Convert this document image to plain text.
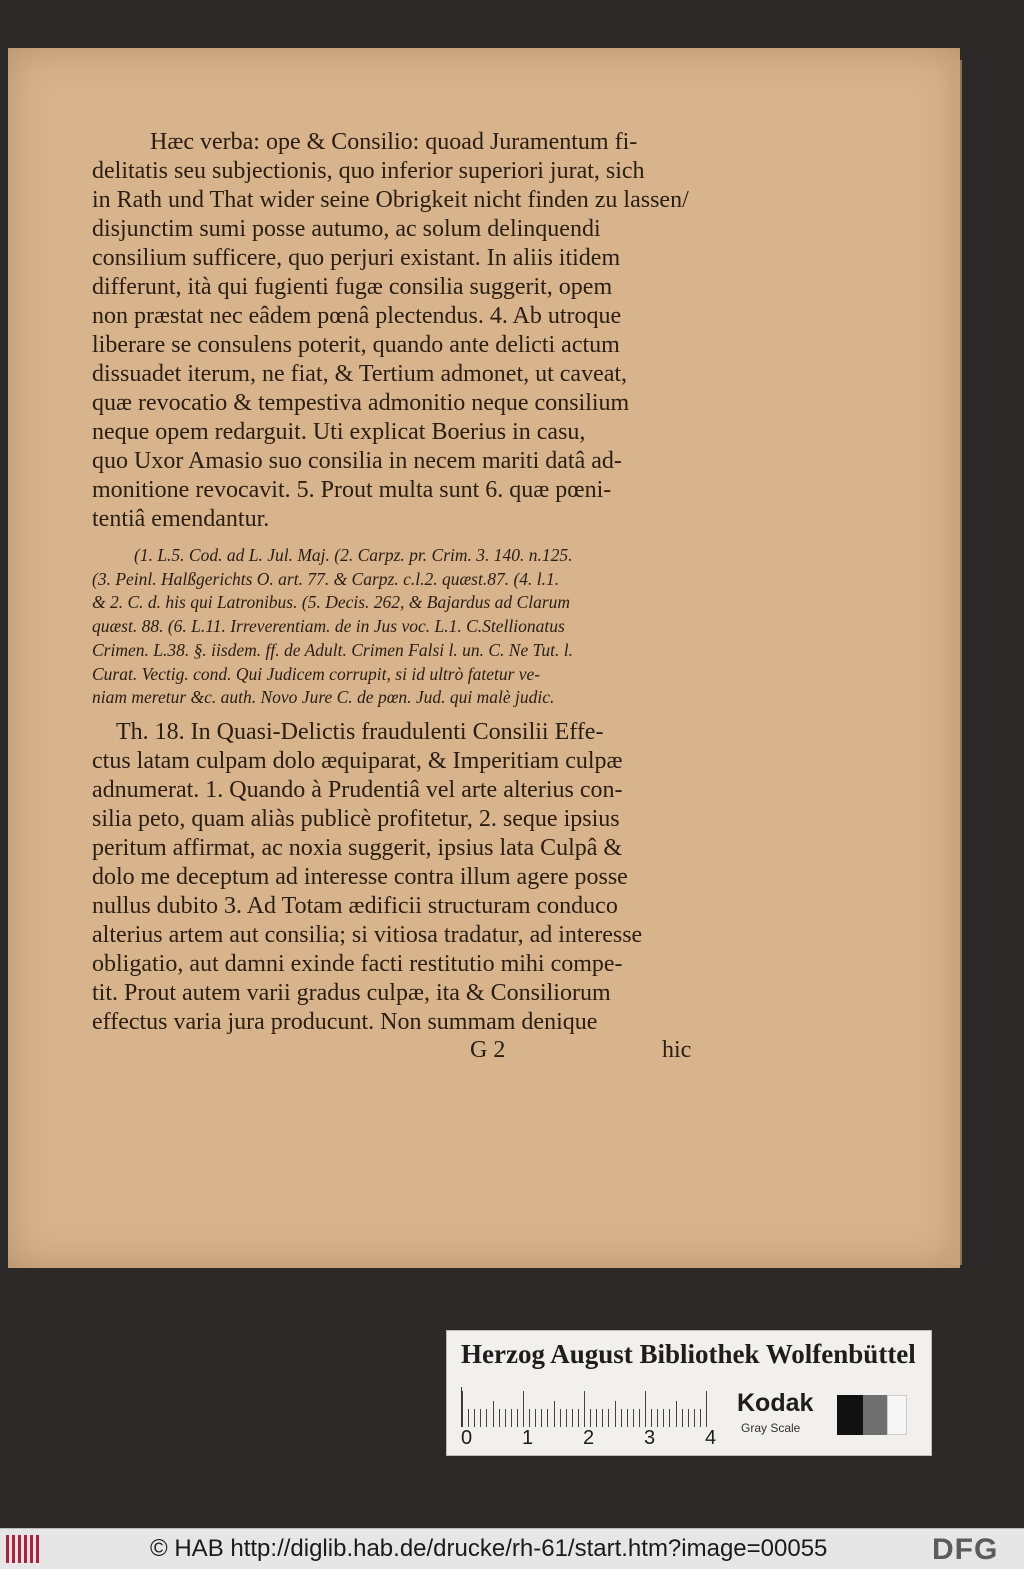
Hæc verba: ope & Consilio: quoad Juramentum fi-
delitatis seu subjectionis, quo inferior superiori jurat, sich
in Rath und That wider seine Obrigkeit nicht finden zu lassen/
disjunctim sumi posse autumo, ac solum delinquendi
consilium sufficere, quo perjuri existant. In aliis itidem
differunt, ità qui fugienti fugæ consilia suggerit, opem
non præstat nec eâdem pœnâ plectendus. 4. Ab utroque
liberare se consulens poterit, quando ante delicti actum
dissuadet iterum, ne fiat, & Tertium admonet, ut caveat,
quæ revocatio & tempestiva admonitio neque consilium
neque opem redarguit. Uti explicat Boerius in casu,
quo Uxor Amasio suo consilia in necem mariti datâ ad-
monitione revocavit. 5. Prout multa sunt 6. quæ pœni-
tentiâ emendantur.
(1. L.5. Cod. ad L. Jul. Maj. (2. Carpz. pr. Crim. 3. 140. n.125.
(3. Peinl. Halßgerichts O. art. 77. & Carpz. c.l.2. quæst.87. (4. l.1.
& 2. C. d. his qui Latronibus. (5. Decis. 262, & Bajardus ad Clarum
quæst. 88. (6. L.11. Irreverentiam. de in Jus voc. L.1. C.Stellionatus
Crimen. L.38. §. iisdem. ff. de Adult. Crimen Falsi l. un. C. Ne Tut. l.
Curat. Vectig. cond. Qui Judicem corrupit, si id ultrò fatetur ve-
niam meretur &c. auth. Novo Jure C. de pœn. Jud. qui malè judic.
Th. 18. In Quasi-Delictis fraudulenti Consilii Effe-
ctus latam culpam dolo æquiparat, & Imperitiam culpæ
adnumerat. 1. Quando à Prudentiâ vel arte alterius con-
silia peto, quam aliàs publicè profitetur, 2. seque ipsius
peritum affirmat, ac noxia suggerit, ipsius lata Culpâ &
dolo me deceptum ad interesse contra illum agere posse
nullus dubito 3. Ad Totam ædificii structuram conduco
alterius artem aut consilia; si vitiosa tradatur, ad interesse
obligatio, aut damni exinde facti restitutio mihi compe-
tit. Prout autem varii gradus culpæ, ita & Consiliorum
effectus varia jura producunt. Non summam denique
G 2	hic
Herzog August Bibliothek Wolfenbüttel
0 1 2 3 4
Kodak
Gray Scale
© HAB http://diglib.hab.de/drucke/rh-61/start.htm?image=00055	DFG
